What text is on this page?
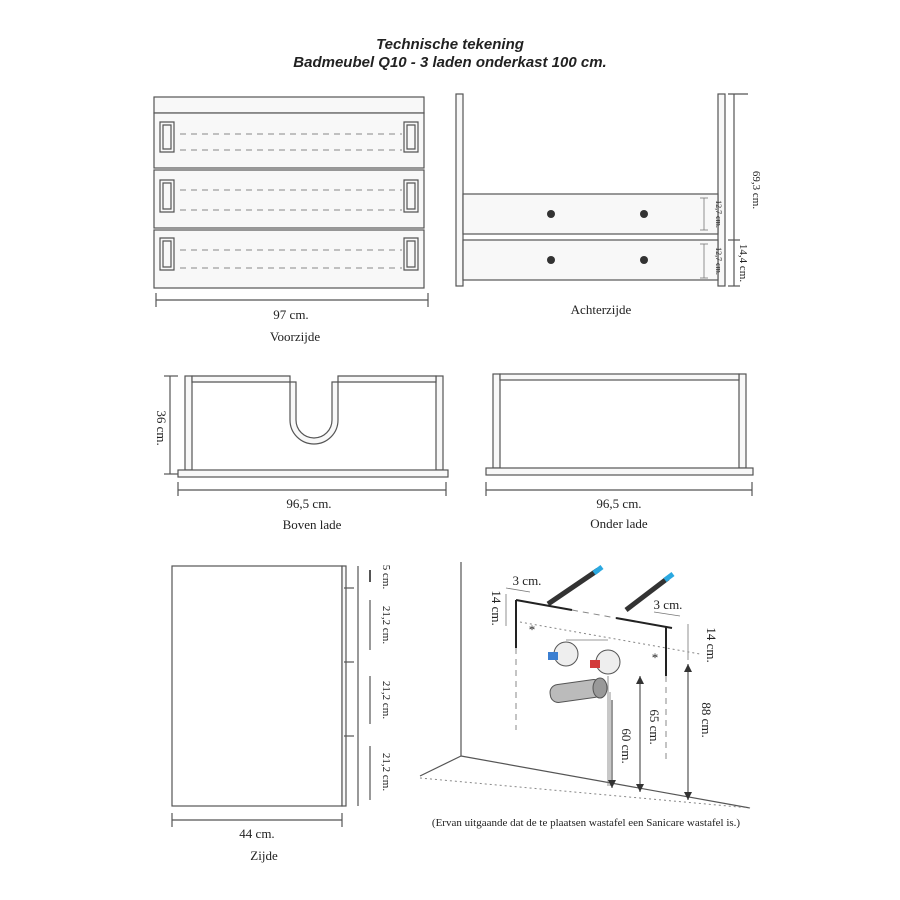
Technische tekening
Badmeubel Q10 - 3 laden onderkast 100 cm.
97 cm.
Voorzijde
12,7 cm.
12,7 cm.
69,3 cm.
14,4 cm.
Achterzijde
36 cm.
96,5 cm.
Boven lade
96,5 cm.
Onder lade
5 cm.
21,2 cm.
21,2 cm.
21,2 cm.
44 cm.
Zijde
3 cm.
3 cm.
14 cm.
14 cm.
*
*
60 cm.
65 cm.	88 cm.
(Ervan uitgaande dat de te plaatsen wastafel een Sanicare wastafel is.)
